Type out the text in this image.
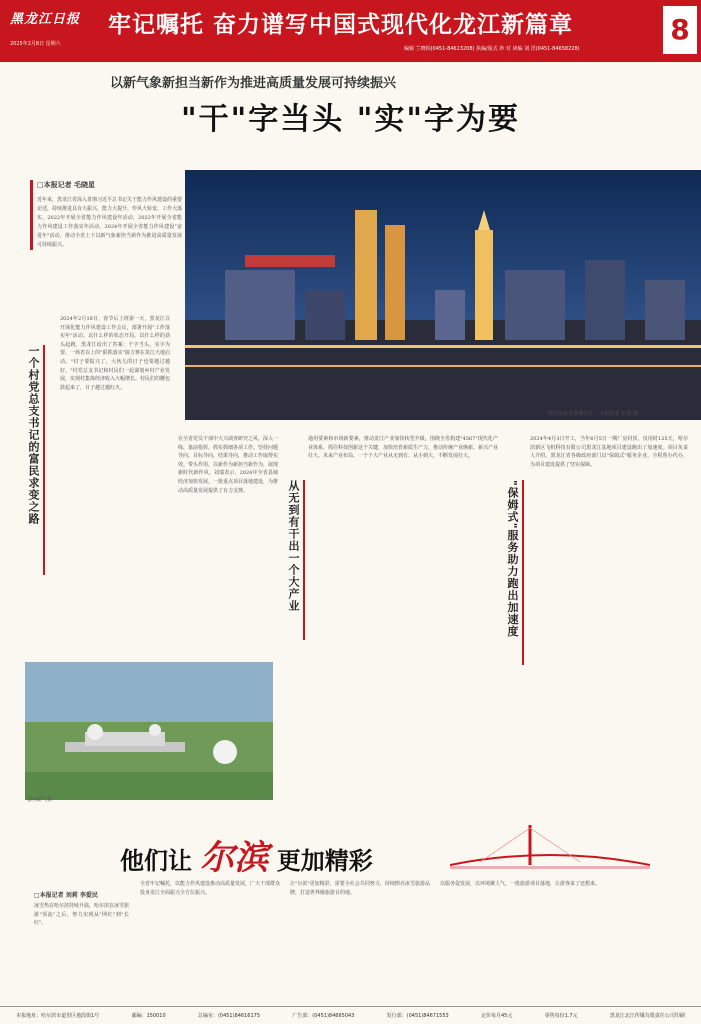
黑龙江日报
2025年2月8日 星期六
牢记嘱托 奋力谱写中国式现代化龙江新篇章
编辑 兰晓柏(0451-84613208) 执编/版式 妙 对 读编 刘 洋(0451-84658228)
8
以新气象新担当新作为推进高质量发展可持续振兴
"干"字当头 "实"字为要
□本报记者 毛晓星
近年来，黑龙江省深入贯彻习近平总书记关于能力作风建设的重要论述，持续推进具有大振兴、能力大提升、作风大转变、工作大落实，2022年开展全省能力作风建设年活动，2023年开展全省能力作风建设工作落实年活动，2024年开展全省能力作风建设"奋进年"活动，推动全省上下以新气象新担当新作为推进高质量发展可持续振兴。
哈尔滨夜景璀璨夺目。 本报记者 张倩 摄
一个村党总支书记的富民求变之路
2024年2月18日，春节后上班第一天，黑龙江召开深化能力作风建设工作会议，部署开展"工作落实年"活动。以什么样的状态开局，以什么样的劲头起跑，黑龙江给出了答案：干字当头、实字为要。一场省以上的"狠抓落实"接力赛在龙江大地启动。"村子要振兴了，大伙儿的日子也要越过越好。"村党总支书记和村民们一起谋划乡村产业发展，实现村集体经济收入大幅增长。村民们的腰包鼓起来了，日子越过越红火。
在全省党员干部中大兴调查研究之风，深入一线、靠前指挥，抓实抓细各项工作。坚持问题导向、目标导向、结果导向，推动工作取得实效。带头作用，以新作为新担当新作为，展现新时代新作风。刘瑞表示，2024年全省县域经济加快发展，一批重点项目落地建设，为推动高质量发展提供了有力支撑。	从无到有干出一个大产业
通用要素和市场新要素，推动龙江产业加快转型升级。围绕全省构建"4567"现代化产业体系，抓住科技创新这个关键，加快培育新质生产力，推动传统产业焕新、新兴产业壮大、未来产业布局，一个个大产业从无到有、从小到大，不断发展壮大。
"保姆式"服务助力跑出加速度
2024年4月3日开工，当年6月5日一期厂房封顶，仅用时125天，哈尔滨新区飞机科技有限公司黑龙江基地项目建设跑出了加速度。项目负责人介绍，黑龙江省各级政府部门以"保姆式"服务企业，全程帮办代办，为项目建设提供了坚实保障。
德州新气象
他们让 尔滨 更加精彩
□本报记者 刘莉 李爱民
冰雪热在哈尔滨持续升温，哈尔滨在冰雪旅游"顶流"之后，努力实现从"网红"到"长红"。
全省牢记嘱托，以能力作风建设推动高质量发展，广大干部群众投身龙江全面振兴全方位振兴。
让"尔滨"更加精彩，需要全社会共同努力，持续擦亮冰雪旅游品牌，打造世界级旅游目的地。
以服务促发展，以环境聚人气，一批旅游项目落地，让游客来了还想来。
本报地址：哈尔滨市道里区地段街1号	邮编：150010	总编室：(0451)84616175	广告部：(0451)84665043	发行部：(0451)84671553	定价每月45元	零售每份1.7元	黑龙江北江传媒有限责任公司印刷
